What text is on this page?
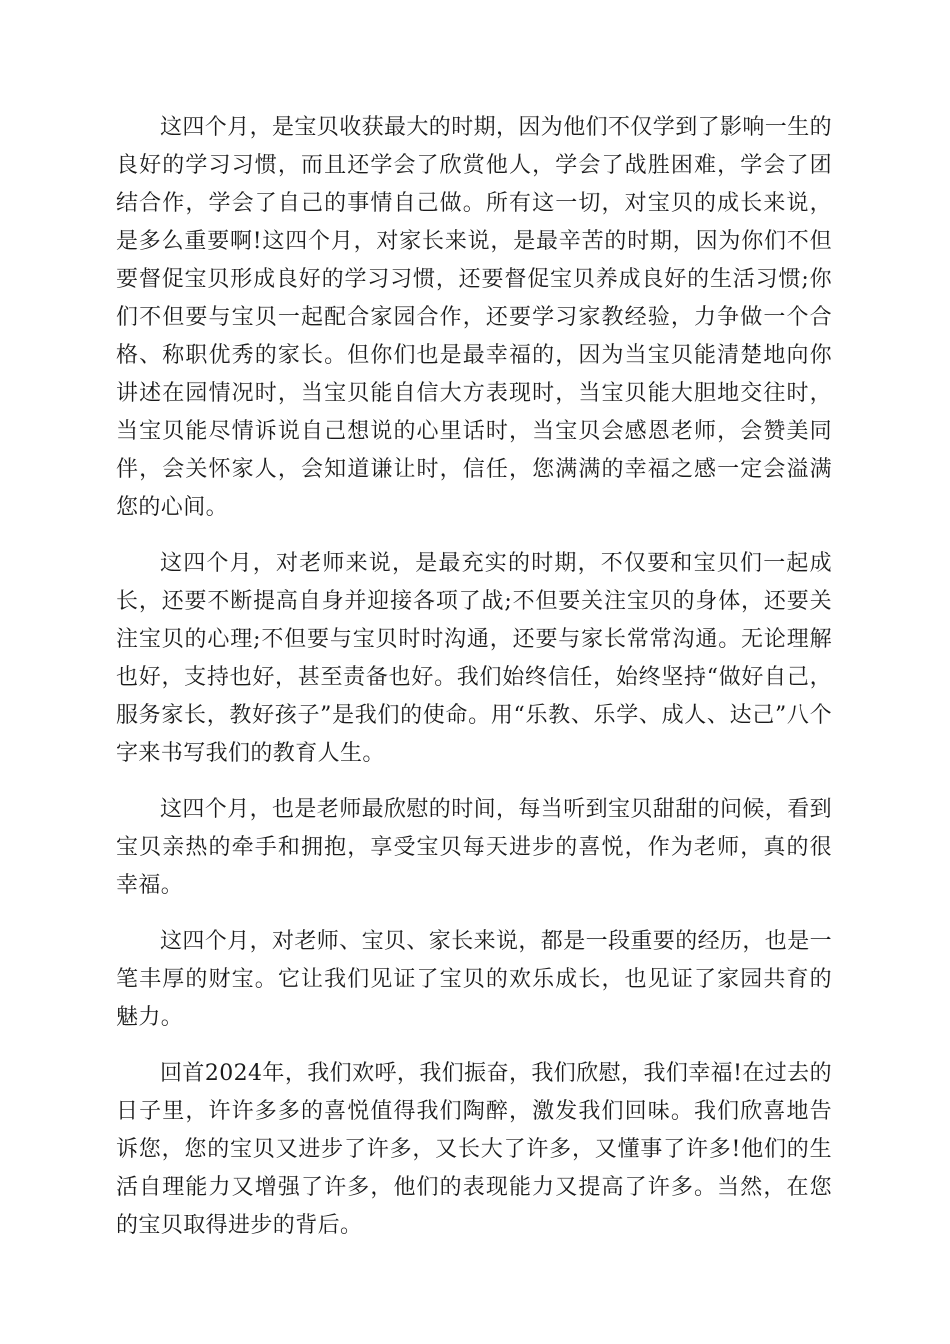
这四个月，是宝贝收获最大的时期，因为他们不仅学到了影响一生的良好的学习习惯，而且还学会了欣赏他人，学会了战胜困难，学会了团结合作，学会了自己的事情自己做。所有这一切，对宝贝的成长来说，是多么重要啊!这四个月，对家长来说，是最辛苦的时期，因为你们不但要督促宝贝形成良好的学习习惯，还要督促宝贝养成良好的生活习惯;你们不但要与宝贝一起配合家园合作，还要学习家教经验，力争做一个合格、称职优秀的家长。但你们也是最幸福的，因为当宝贝能清楚地向你讲述在园情况时，当宝贝能自信大方表现时，当宝贝能大胆地交往时，当宝贝能尽情诉说自己想说的心里话时，当宝贝会感恩老师，会赞美同伴，会关怀家人，会知道谦让时，信任，您满满的幸福之感一定会溢满您的心间。

这四个月，对老师来说，是最充实的时期，不仅要和宝贝们一起成长，还要不断提高自身并迎接各项了战;不但要关注宝贝的身体，还要关注宝贝的心理;不但要与宝贝时时沟通，还要与家长常常沟通。无论理解也好，支持也好，甚至责备也好。我们始终信任，始终坚持“做好自己，服务家长，教好孩子”是我们的使命。用“乐教、乐学、成人、达己”八个字来书写我们的教育人生。

这四个月，也是老师最欣慰的时间，每当听到宝贝甜甜的问候，看到宝贝亲热的牵手和拥抱，享受宝贝每天进步的喜悦，作为老师，真的很幸福。

这四个月，对老师、宝贝、家长来说，都是一段重要的经历，也是一笔丰厚的财宝。它让我们见证了宝贝的欢乐成长，也见证了家园共育的魅力。

回首2024年，我们欢呼，我们振奋，我们欣慰，我们幸福!在过去的日子里，许许多多的喜悦值得我们陶醉，激发我们回味。我们欣喜地告诉您，您的宝贝又进步了许多，又长大了许多，又懂事了许多!他们的生活自理能力又增强了许多，他们的表现能力又提高了许多。当然，在您的宝贝取得进步的背后。
